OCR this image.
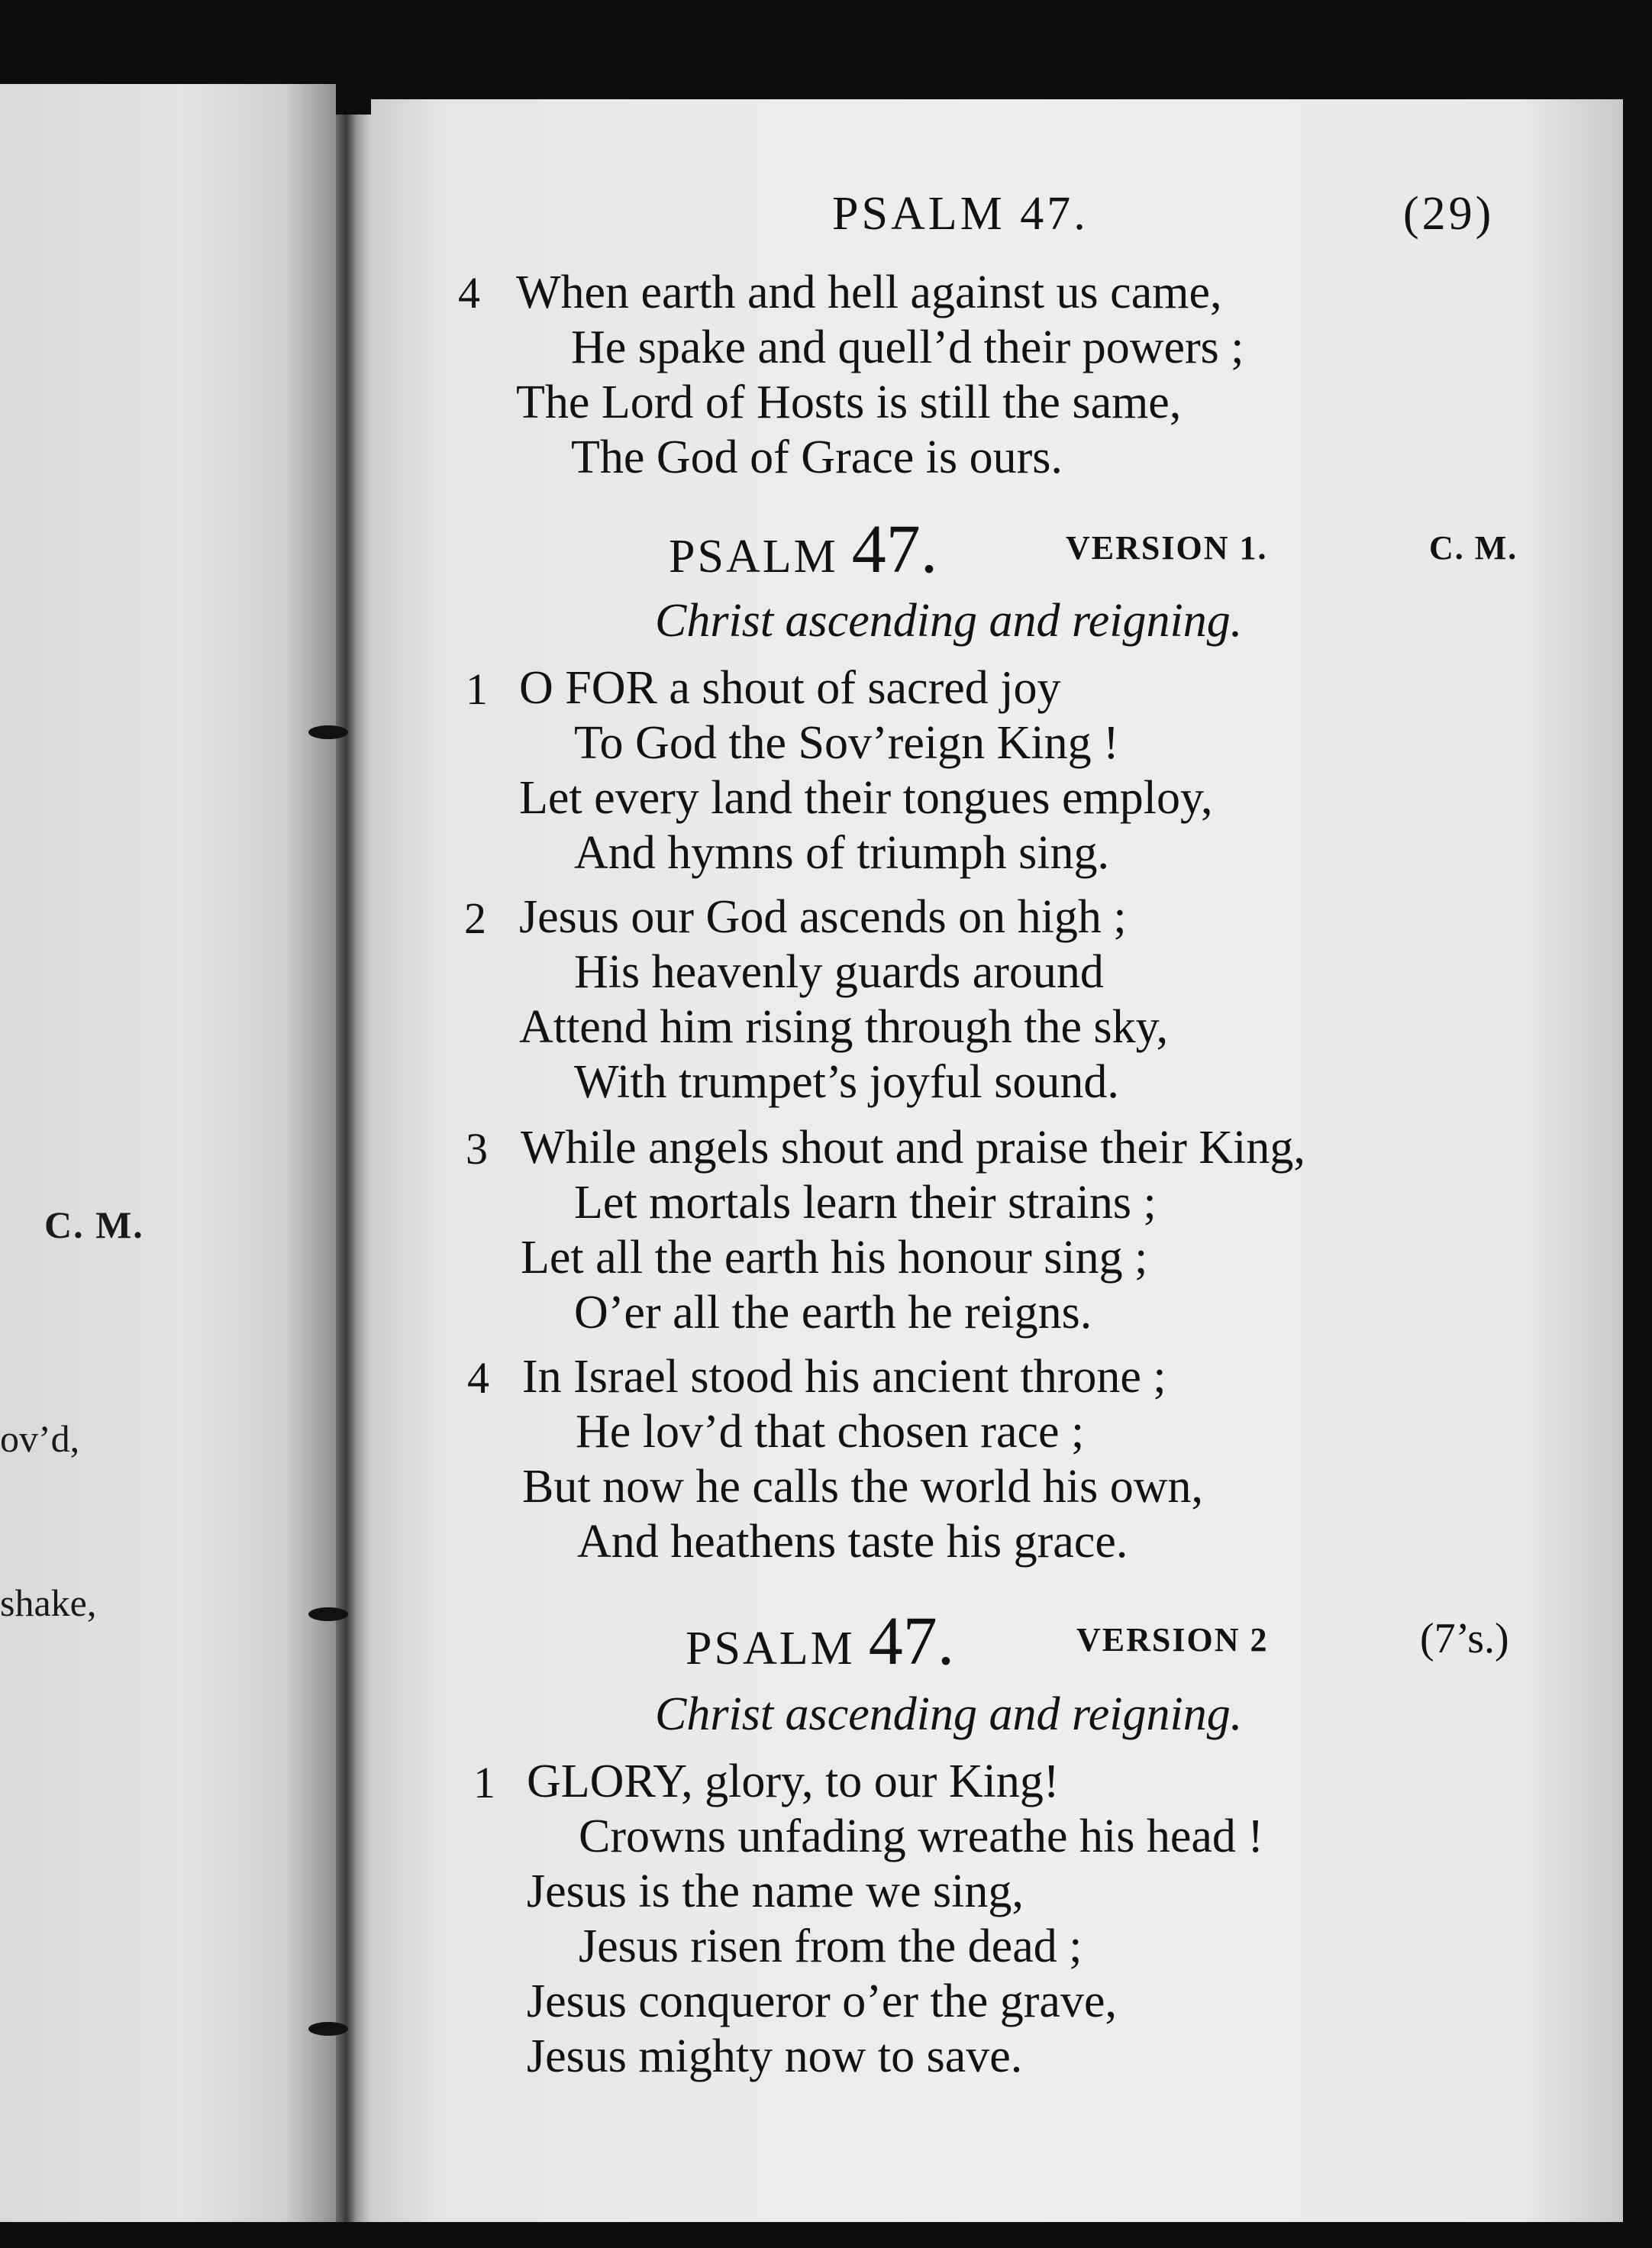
C. M.
ov’d,
shake,
PSALM 47.	(29)
4 When earth and hell against us came,
He spake and quell’d their powers ;
The Lord of Hosts is still the same,
The God of Grace is ours.
PSALM 47.	VERSION 1.	C. M.
Christ ascending and reigning.
1 O FOR a shout of sacred joy
To God the Sov’reign King !
Let every land their tongues employ,
And hymns of triumph sing.
2 Jesus our God ascends on high ;
His heavenly guards around
Attend him rising through the sky,
With trumpet’s joyful sound.
3 While angels shout and praise their King,
Let mortals learn their strains ;
Let all the earth his honour sing ;
O’er all the earth he reigns.
4 In Israel stood his ancient throne ;
He lov’d that chosen race ;
But now he calls the world his own,
And heathens taste his grace.
PSALM 47.	VERSION 2	(7’s.)
Christ ascending and reigning.
1 GLORY, glory, to our King!
Crowns unfading wreathe his head !
Jesus is the name we sing,
Jesus risen from the dead ;
Jesus conqueror o’er the grave,
Jesus mighty now to save.
